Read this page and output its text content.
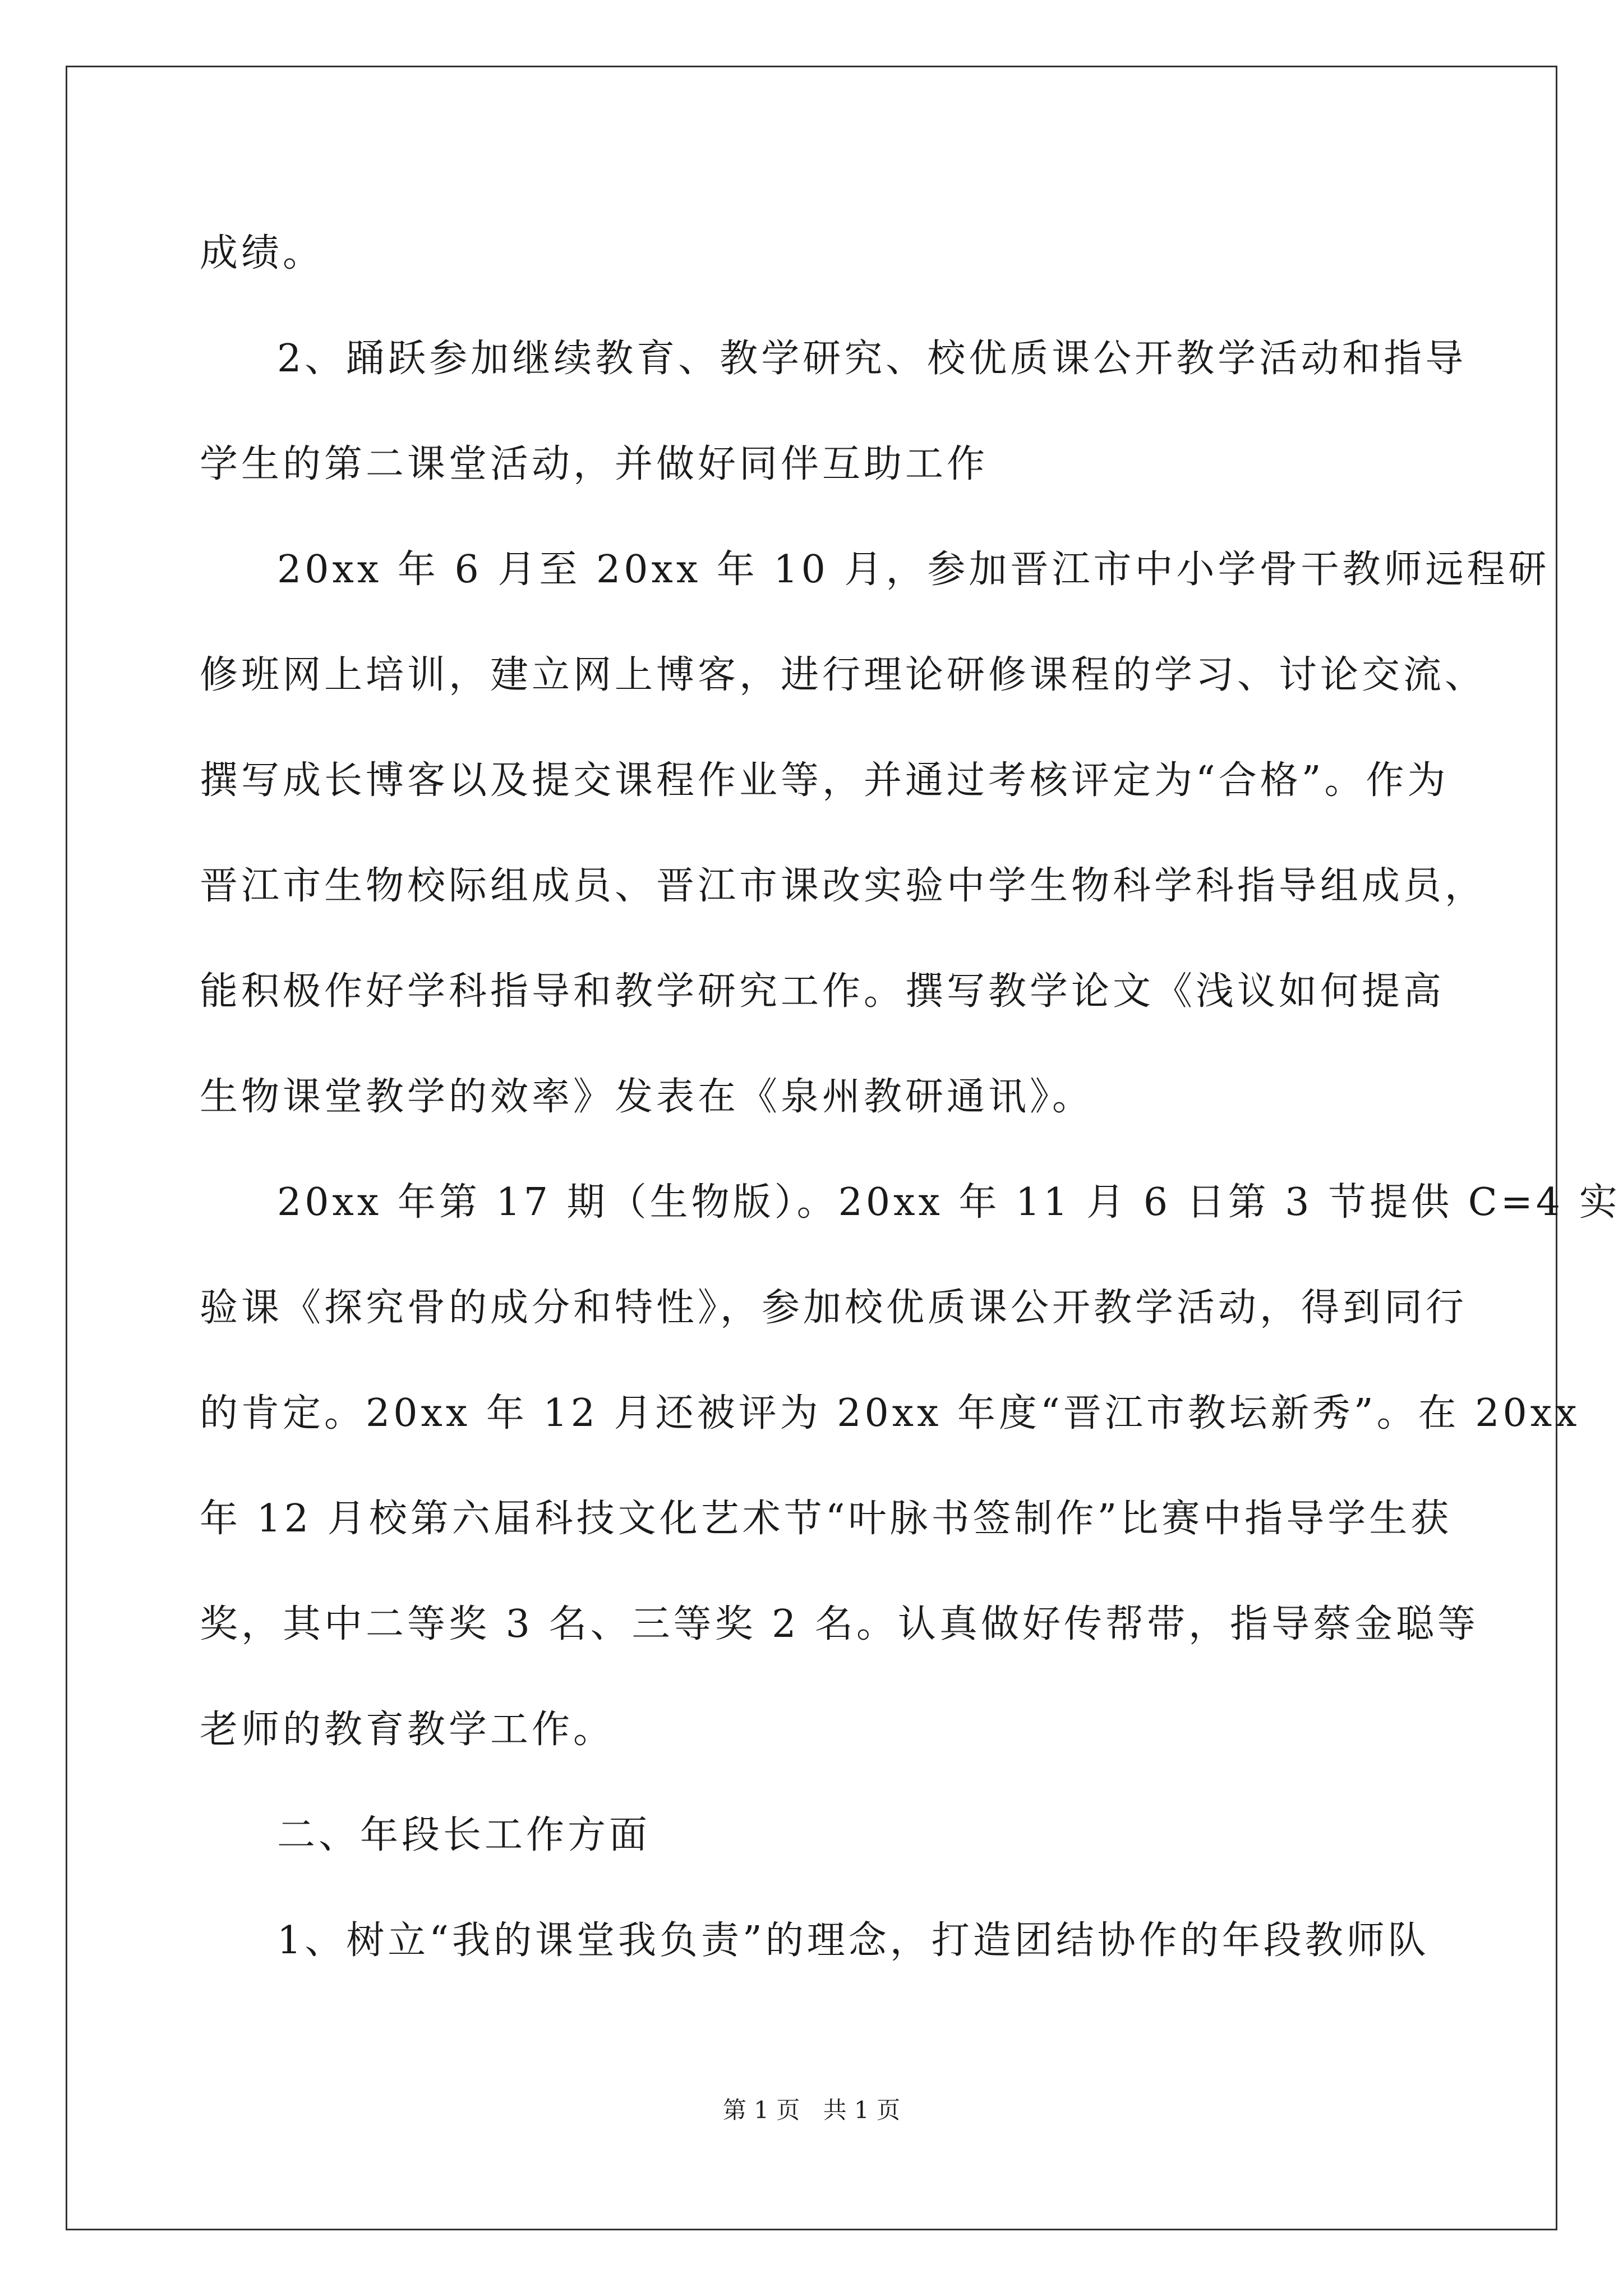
成绩。
2、踊跃参加继续教育、教学研究、校优质课公开教学活动和指导
学生的第二课堂活动，并做好同伴互助工作
20xx 年 6 月至 20xx 年 10 月，参加晋江市中小学骨干教师远程研
修班网上培训，建立网上博客，进行理论研修课程的学习、讨论交流、
撰写成长博客以及提交课程作业等，并通过考核评定为“合格”。作为
晋江市生物校际组成员、晋江市课改实验中学生物科学科指导组成员，
能积极作好学科指导和教学研究工作。撰写教学论文《浅议如何提高
生物课堂教学的效率》发表在《泉州教研通讯》。
20xx 年第 17 期（生物版）。20xx 年 11 月 6 日第 3 节提供 C=4 实
验课《探究骨的成分和特性》，参加校优质课公开教学活动，得到同行
的肯定。20xx 年 12 月还被评为 20xx 年度“晋江市教坛新秀”。在 20xx
年 12 月校第六届科技文化艺术节“叶脉书签制作”比赛中指导学生获
奖，其中二等奖 3 名、三等奖 2 名。认真做好传帮带，指导蔡金聪等
老师的教育教学工作。
二、年段长工作方面
1、树立“我的课堂我负责”的理念，打造团结协作的年段教师队
第 1 页 共 1 页
